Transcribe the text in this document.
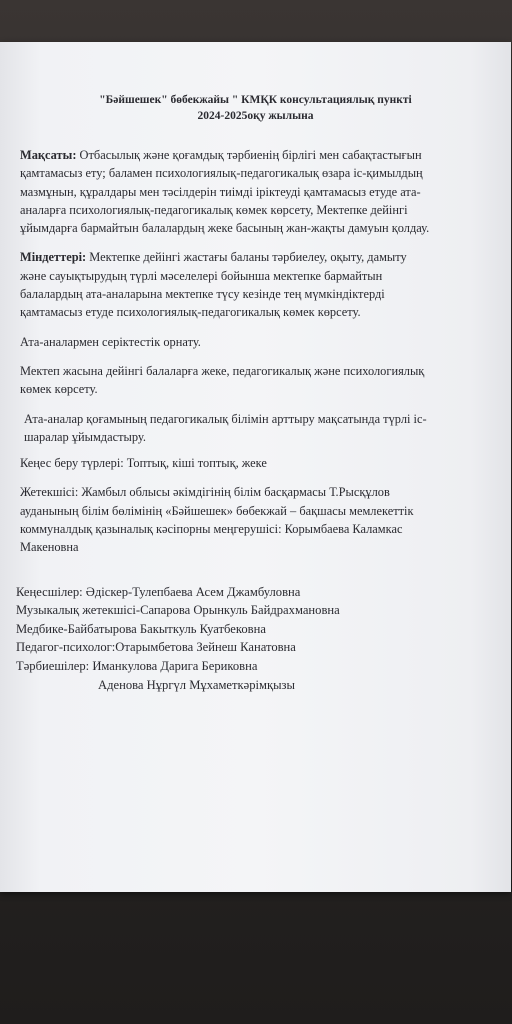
"Бәйшешек" бөбекжайы " КМҚК консультациялық пункті
2024-2025оқу жылына
Мақсаты: Отбасылық және қоғамдық тәрбиенің бірлігі мен сабақтастығын
қамтамасыз ету; баламен психологиялық-педагогикалық өзара іс-қимылдың
мазмұнын, құралдары мен тәсілдерін тиімді іріктеуді қамтамасыз етуде ата-
аналарға психологиялық-педагогикалық көмек көрсету, Мектепке дейінгі
ұйымдарға бармайтын балалардың жеке басының жан-жақты дамуын қолдау.
Міндеттері: Мектепке дейінгі жастағы баланы тәрбиелеу, оқыту, дамыту
және сауықтырудың түрлі мәселелері бойынша мектепке бармайтын
балалардың ата-аналарына мектепке түсу кезінде тең мүмкіндіктерді
қамтамасыз етуде психологиялық-педагогикалық көмек көрсету.
Ата-аналармен серіктестік орнату.
Мектеп жасына дейінгі балаларға жеке, педагогикалық және психологиялық
көмек көрсету.
Ата-аналар қоғамының педагогикалық білімін арттыру мақсатында түрлі іс-
шаралар ұйымдастыру.
Кеңес беру түрлері: Топтық, кіші топтық, жеке
Жетекшісі: Жамбыл облысы әкімдігінің білім басқармасы Т.Рысқұлов
ауданының білім бөлімінің «Бәйшешек» бөбекжай – бақшасы мемлекеттік
коммуналдық қазыналық кәсіпорны меңгерушісі: Корымбаева Каламкас
Макеновна
Кеңесшілер: Әдіскер-Тулепбаева Асем Джамбуловна
Музыкалық жетекшісі-Сапарова Орынкуль Байдрахмановна
Медбике-Байбатырова Бакыткуль Куатбековна
Педагог-психолог:Отарымбетова Зейнеш Канатовна
Тәрбиешілер: Иманкулова Дарига Бериковна
Аденова Нұргүл Мұхаметкәрімқызы
